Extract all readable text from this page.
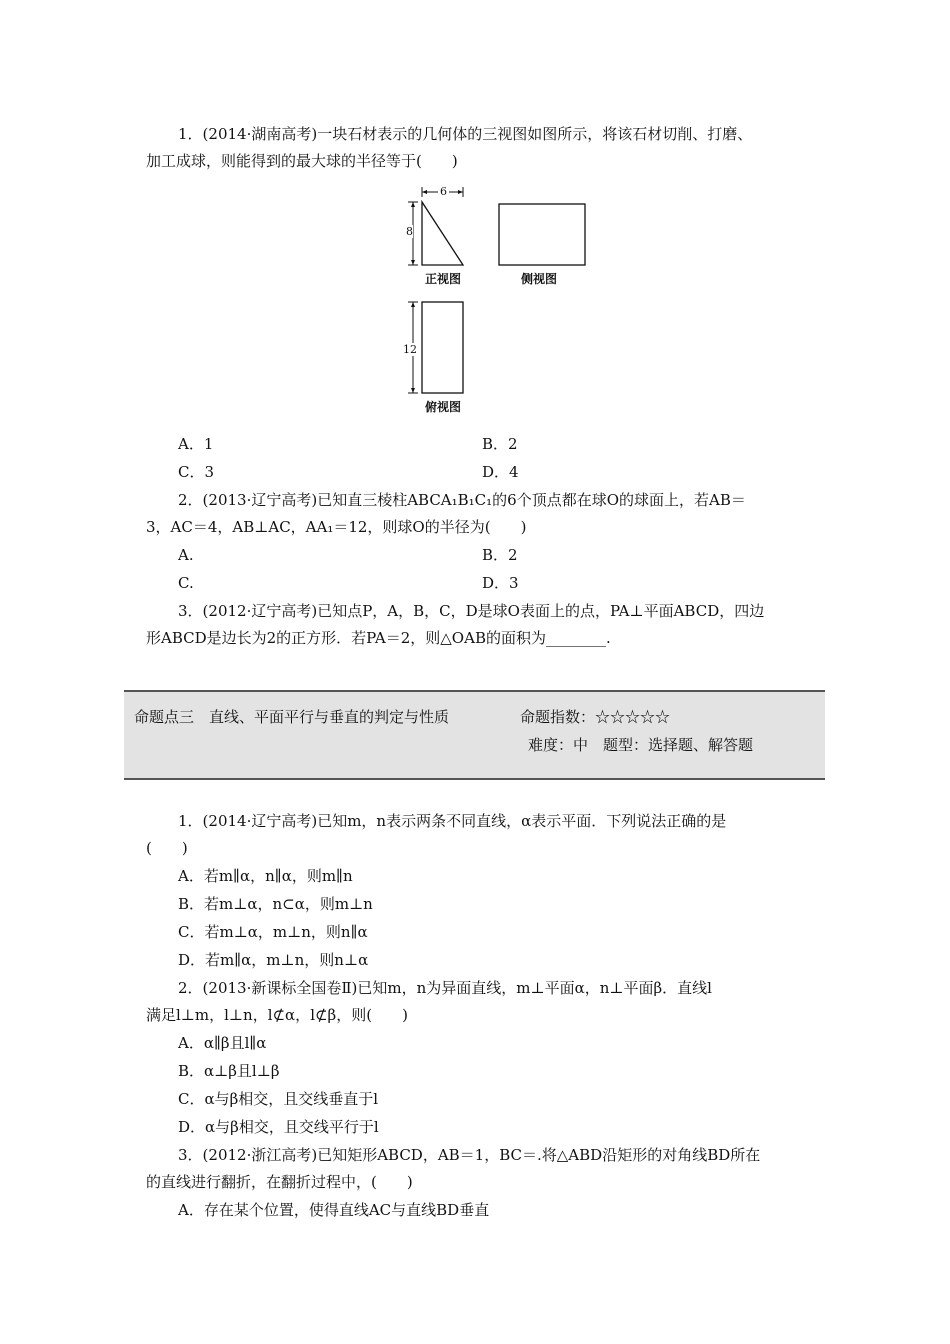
1．(2014·湖南高考)一块石材表示的几何体的三视图如图所示，将该石材切削、打磨、
加工成球，则能得到的最大球的半径等于(　　)
6
8
12
正视图	侧视图
俯视图
A．1	B．2
C．3	D．4
2．(2013·辽宁高考)已知直三棱柱ABCA₁B₁C₁的6个顶点都在球O的球面上，若AB＝
3，AC＝4，AB⊥AC，AA₁＝12，则球O的半径为(　　)
A.	B．2
C.	D．3
3．(2012·辽宁高考)已知点P，A，B，C，D是球O表面上的点，PA⊥平面ABCD，四边
形ABCD是边长为2的正方形．若PA＝2，则△OAB的面积为________.
命题点三　直线、平面平行与垂直的判定与性质	命题指数：☆☆☆☆☆
难度：中　题型：选择题、解答题
1．(2014·辽宁高考)已知m，n表示两条不同直线，α表示平面．下列说法正确的是
(　　)
A．若m∥α，n∥α，则m∥n
B．若m⊥α，n⊂α，则m⊥n
C．若m⊥α，m⊥n，则n∥α
D．若m∥α，m⊥n，则n⊥α
2．(2013·新课标全国卷Ⅱ)已知m，n为异面直线，m⊥平面α，n⊥平面β．直线l
满足l⊥m，l⊥n，l⊄α，l⊄β，则(　　)
A．α∥β且l∥α
B．α⊥β且l⊥β
C．α与β相交，且交线垂直于l
D．α与β相交，且交线平行于l
3．(2012·浙江高考)已知矩形ABCD，AB＝1，BC＝.将△ABD沿矩形的对角线BD所在
的直线进行翻折，在翻折过程中，(　　)
A．存在某个位置，使得直线AC与直线BD垂直
